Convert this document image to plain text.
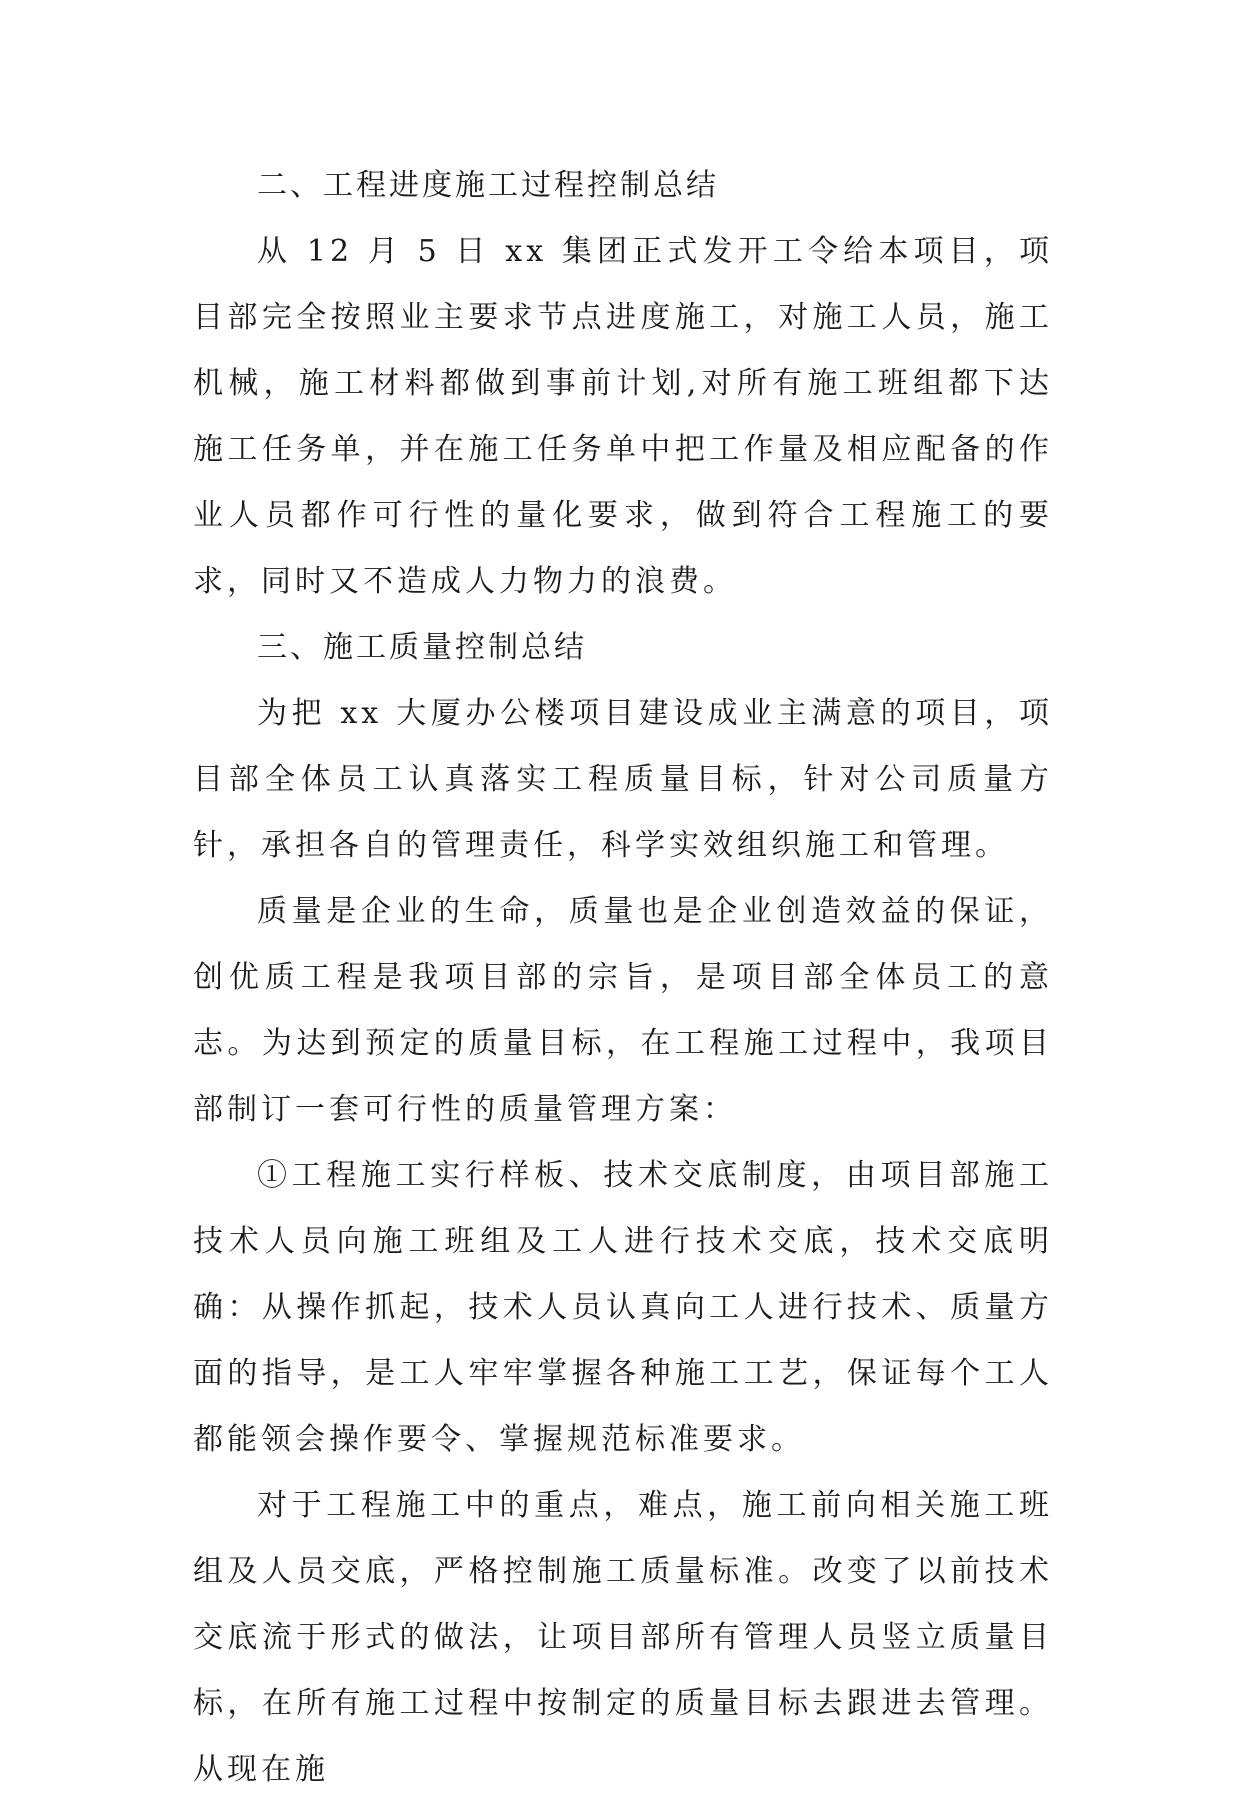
二、工程进度施工过程控制总结

从 12 月 5 日 xx 集团正式发开工令给本项目，项目部完全按照业主要求节点进度施工，对施工人员，施工机械，施工材料都做到事前计划,对所有施工班组都下达施工任务单，并在施工任务单中把工作量及相应配备的作业人员都作可行性的量化要求，做到符合工程施工的要求，同时又不造成人力物力的浪费。

三、施工质量控制总结

为把 xx 大厦办公楼项目建设成业主满意的项目，项目部全体员工认真落实工程质量目标，针对公司质量方针，承担各自的管理责任，科学实效组织施工和管理。

质量是企业的生命，质量也是企业创造效益的保证，创优质工程是我项目部的宗旨，是项目部全体员工的意志。为达到预定的质量目标，在工程施工过程中，我项目部制订一套可行性的质量管理方案：

①工程施工实行样板、技术交底制度，由项目部施工技术人员向施工班组及工人进行技术交底，技术交底明确：从操作抓起，技术人员认真向工人进行技术、质量方面的指导，是工人牢牢掌握各种施工工艺，保证每个工人都能领会操作要令、掌握规范标准要求。

对于工程施工中的重点，难点，施工前向相关施工班组及人员交底，严格控制施工质量标准。改变了以前技术交底流于形式的做法，让项目部所有管理人员竖立质量目标，在所有施工过程中按制定的质量目标去跟进去管理。从现在施
